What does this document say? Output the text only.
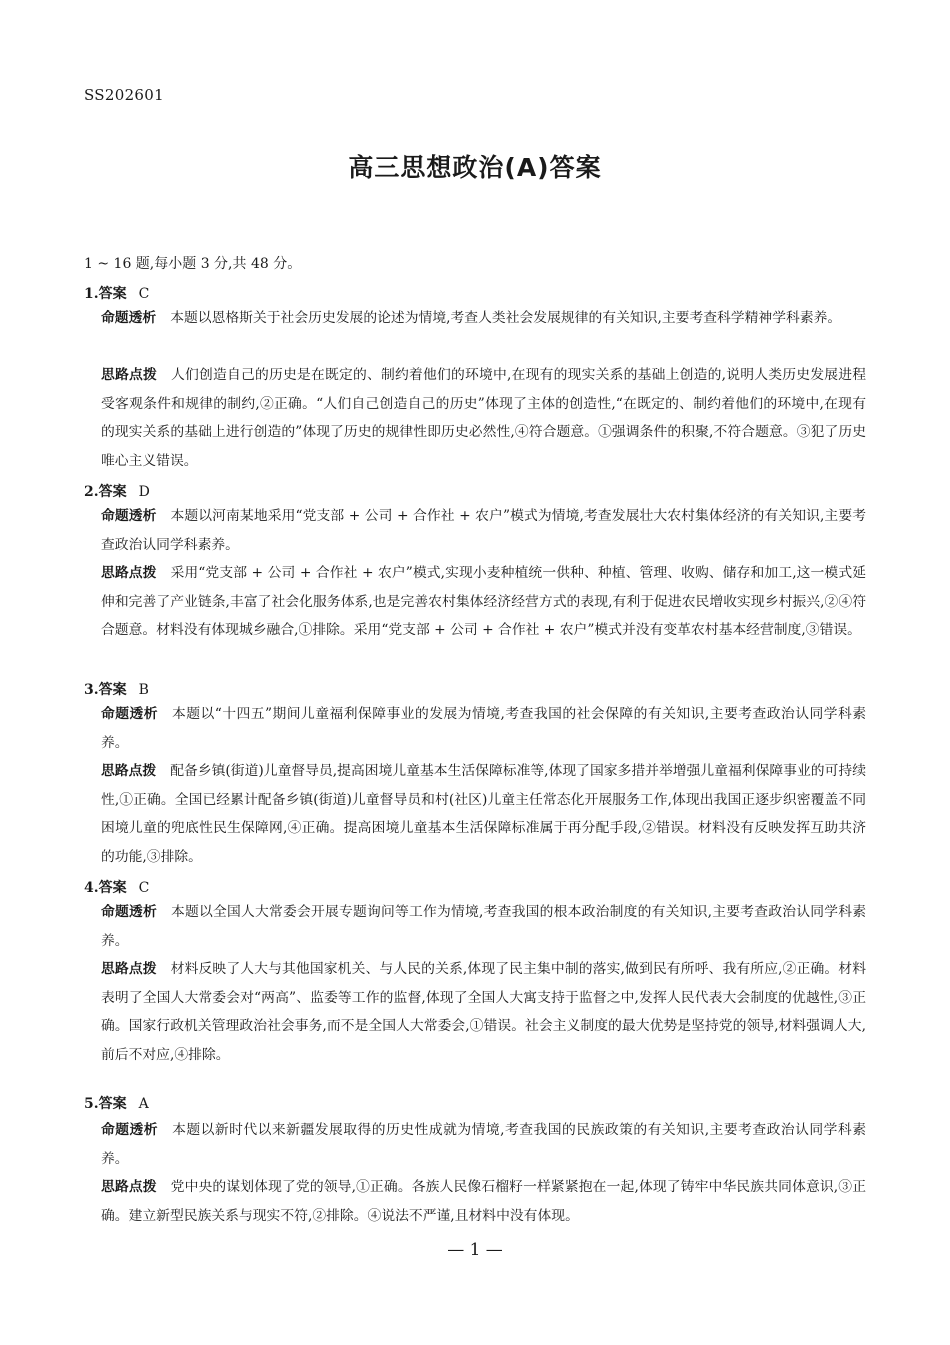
SS202601
高三思想政治(A)答案
1 ~ 16 题,每小题 3 分,共 48 分。
1.答案 C
命题透析 本题以恩格斯关于社会历史发展的论述为情境,考查人类社会发展规律的有关知识,主要考查科学精神学科素养。
思路点拨 人们创造自己的历史是在既定的、制约着他们的环境中,在现有的现实关系的基础上创造的,说明人类历史发展进程受客观条件和规律的制约,②正确。“人们自己创造自己的历史”体现了主体的创造性,“在既定的、制约着他们的环境中,在现有的现实关系的基础上进行创造的”体现了历史的规律性即历史必然性,④符合题意。①强调条件的积聚,不符合题意。③犯了历史唯心主义错误。
2.答案 D
命题透析 本题以河南某地采用“党支部 + 公司 + 合作社 + 农户”模式为情境,考查发展壮大农村集体经济的有关知识,主要考查政治认同学科素养。
思路点拨 采用“党支部 + 公司 + 合作社 + 农户”模式,实现小麦种植统一供种、种植、管理、收购、储存和加工,这一模式延伸和完善了产业链条,丰富了社会化服务体系,也是完善农村集体经济经营方式的表现,有利于促进农民增收实现乡村振兴,②④符合题意。材料没有体现城乡融合,①排除。采用“党支部 + 公司 + 合作社 + 农户”模式并没有变革农村基本经营制度,③错误。
3.答案 B
命题透析 本题以“十四五”期间儿童福利保障事业的发展为情境,考查我国的社会保障的有关知识,主要考查政治认同学科素养。
思路点拨 配备乡镇(街道)儿童督导员,提高困境儿童基本生活保障标准等,体现了国家多措并举增强儿童福利保障事业的可持续性,①正确。全国已经累计配备乡镇(街道)儿童督导员和村(社区)儿童主任常态化开展服务工作,体现出我国正逐步织密覆盖不同困境儿童的兜底性民生保障网,④正确。提高困境儿童基本生活保障标准属于再分配手段,②错误。材料没有反映发挥互助共济的功能,③排除。
4.答案 C
命题透析 本题以全国人大常委会开展专题询问等工作为情境,考查我国的根本政治制度的有关知识,主要考查政治认同学科素养。
思路点拨 材料反映了人大与其他国家机关、与人民的关系,体现了民主集中制的落实,做到民有所呼、我有所应,②正确。材料表明了全国人大常委会对“两高”、监委等工作的监督,体现了全国人大寓支持于监督之中,发挥人民代表大会制度的优越性,③正确。国家行政机关管理政治社会事务,而不是全国人大常委会,①错误。社会主义制度的最大优势是坚持党的领导,材料强调人大,前后不对应,④排除。
5.答案 A
命题透析 本题以新时代以来新疆发展取得的历史性成就为情境,考查我国的民族政策的有关知识,主要考查政治认同学科素养。
思路点拨 党中央的谋划体现了党的领导,①正确。各族人民像石榴籽一样紧紧抱在一起,体现了铸牢中华民族共同体意识,③正确。建立新型民族关系与现实不符,②排除。④说法不严谨,且材料中没有体现。
— 1 —
